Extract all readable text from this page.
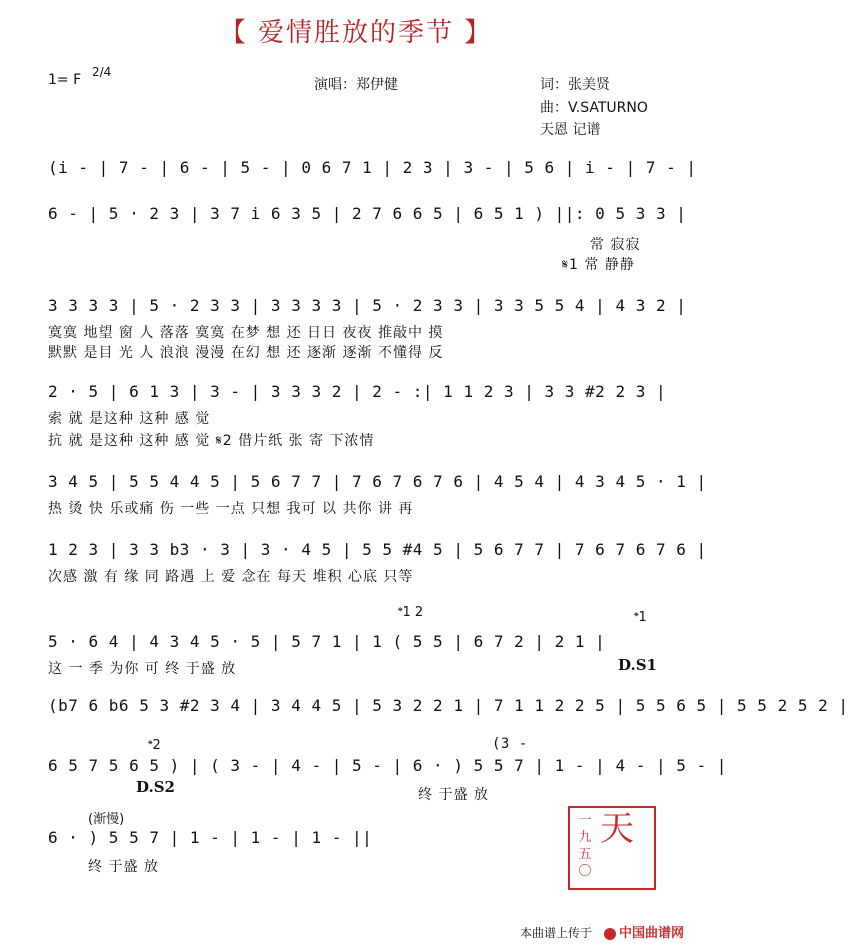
【 爱情胜放的季节 】
1= F 2/4
演唱：郑伊健	词：张美贤
曲：V.SATURNO
天恩 记谱
(i - | 7 - | 6 - | 5 - | 0 6 7 1 | 2 3 | 3 - | 5 6 | i - | 7 - |
6 - | 5 · 2 3 | 3 7 i 6 3 5 | 2 7 6 6 5 | 6 5 1 ) ||: 0 5 3 3 |
常 寂寂
𝄋1 常 静静
3 3 3 3 | 5 · 2 3 3 | 3 3 3 3 | 5 · 2 3 3 | 3 3 5 5 4 | 4 3 2 |
寞寞 地望 窗 人 落落 寞寞 在梦 想 还 日日 夜夜 推敲中 摸
默默 是目 光 人 浪浪 漫漫 在幻 想 还 逐渐 逐渐 不懂得 反
2 · 5 | 6 1 3 | 3 - | 3 3 3 2 | 2 - :| 1 1 2 3 | 3 3 #2 2 3 |
索 就 是这种 这种 感 觉
抗 就 是这种 这种 感 觉 𝄋2 借片纸 张 寄 下浓情
3 4 5 | 5 5 4 4 5 | 5 6 7 7 | 7 6 7 6 7 6 | 4 5 4 | 4 3 4 5 · 1 |
热 烫 快 乐或痛 伤 一些 一点 只想 我可 以 共你 讲 再
1 2 3 | 3 3 b3 · 3 | 3 · 4 5 | 5 5 #4 5 | 5 6 7 7 | 7 6 7 6 7 6 |
次感 激 有 缘 同 路遇 上 爱 念在 每天 堆积 心底 只等
𝄌1 2	𝄌1
5 · 6 4 | 4 3 4 5 · 5 | 5 7 1 | 1 ( 5 5 | 6 7 2 | 2 1 |
这 一 季 为你 可 终 于盛 放	D.S1
(b7 6 b6 5 3 #2 3 4 | 3 4 4 5 | 5 3 2 2 1 | 7 1 1 2 2 5 | 5 5 6 5 | 5 5 2 5 2 |
𝄌2	(3 -
6 5 7 5 6 5 ) | ( 3 - | 4 - | 5 - | 6 · ) 5 5 7 | 1 - | 4 - | 5 - |
终 于盛 放
D.S2
(渐慢)
6 · ) 5 5 7 | 1 - | 1 - | 1 - ||
终 于盛 放
一
九
五
〇
天

本曲谱上传于	中国曲谱网
